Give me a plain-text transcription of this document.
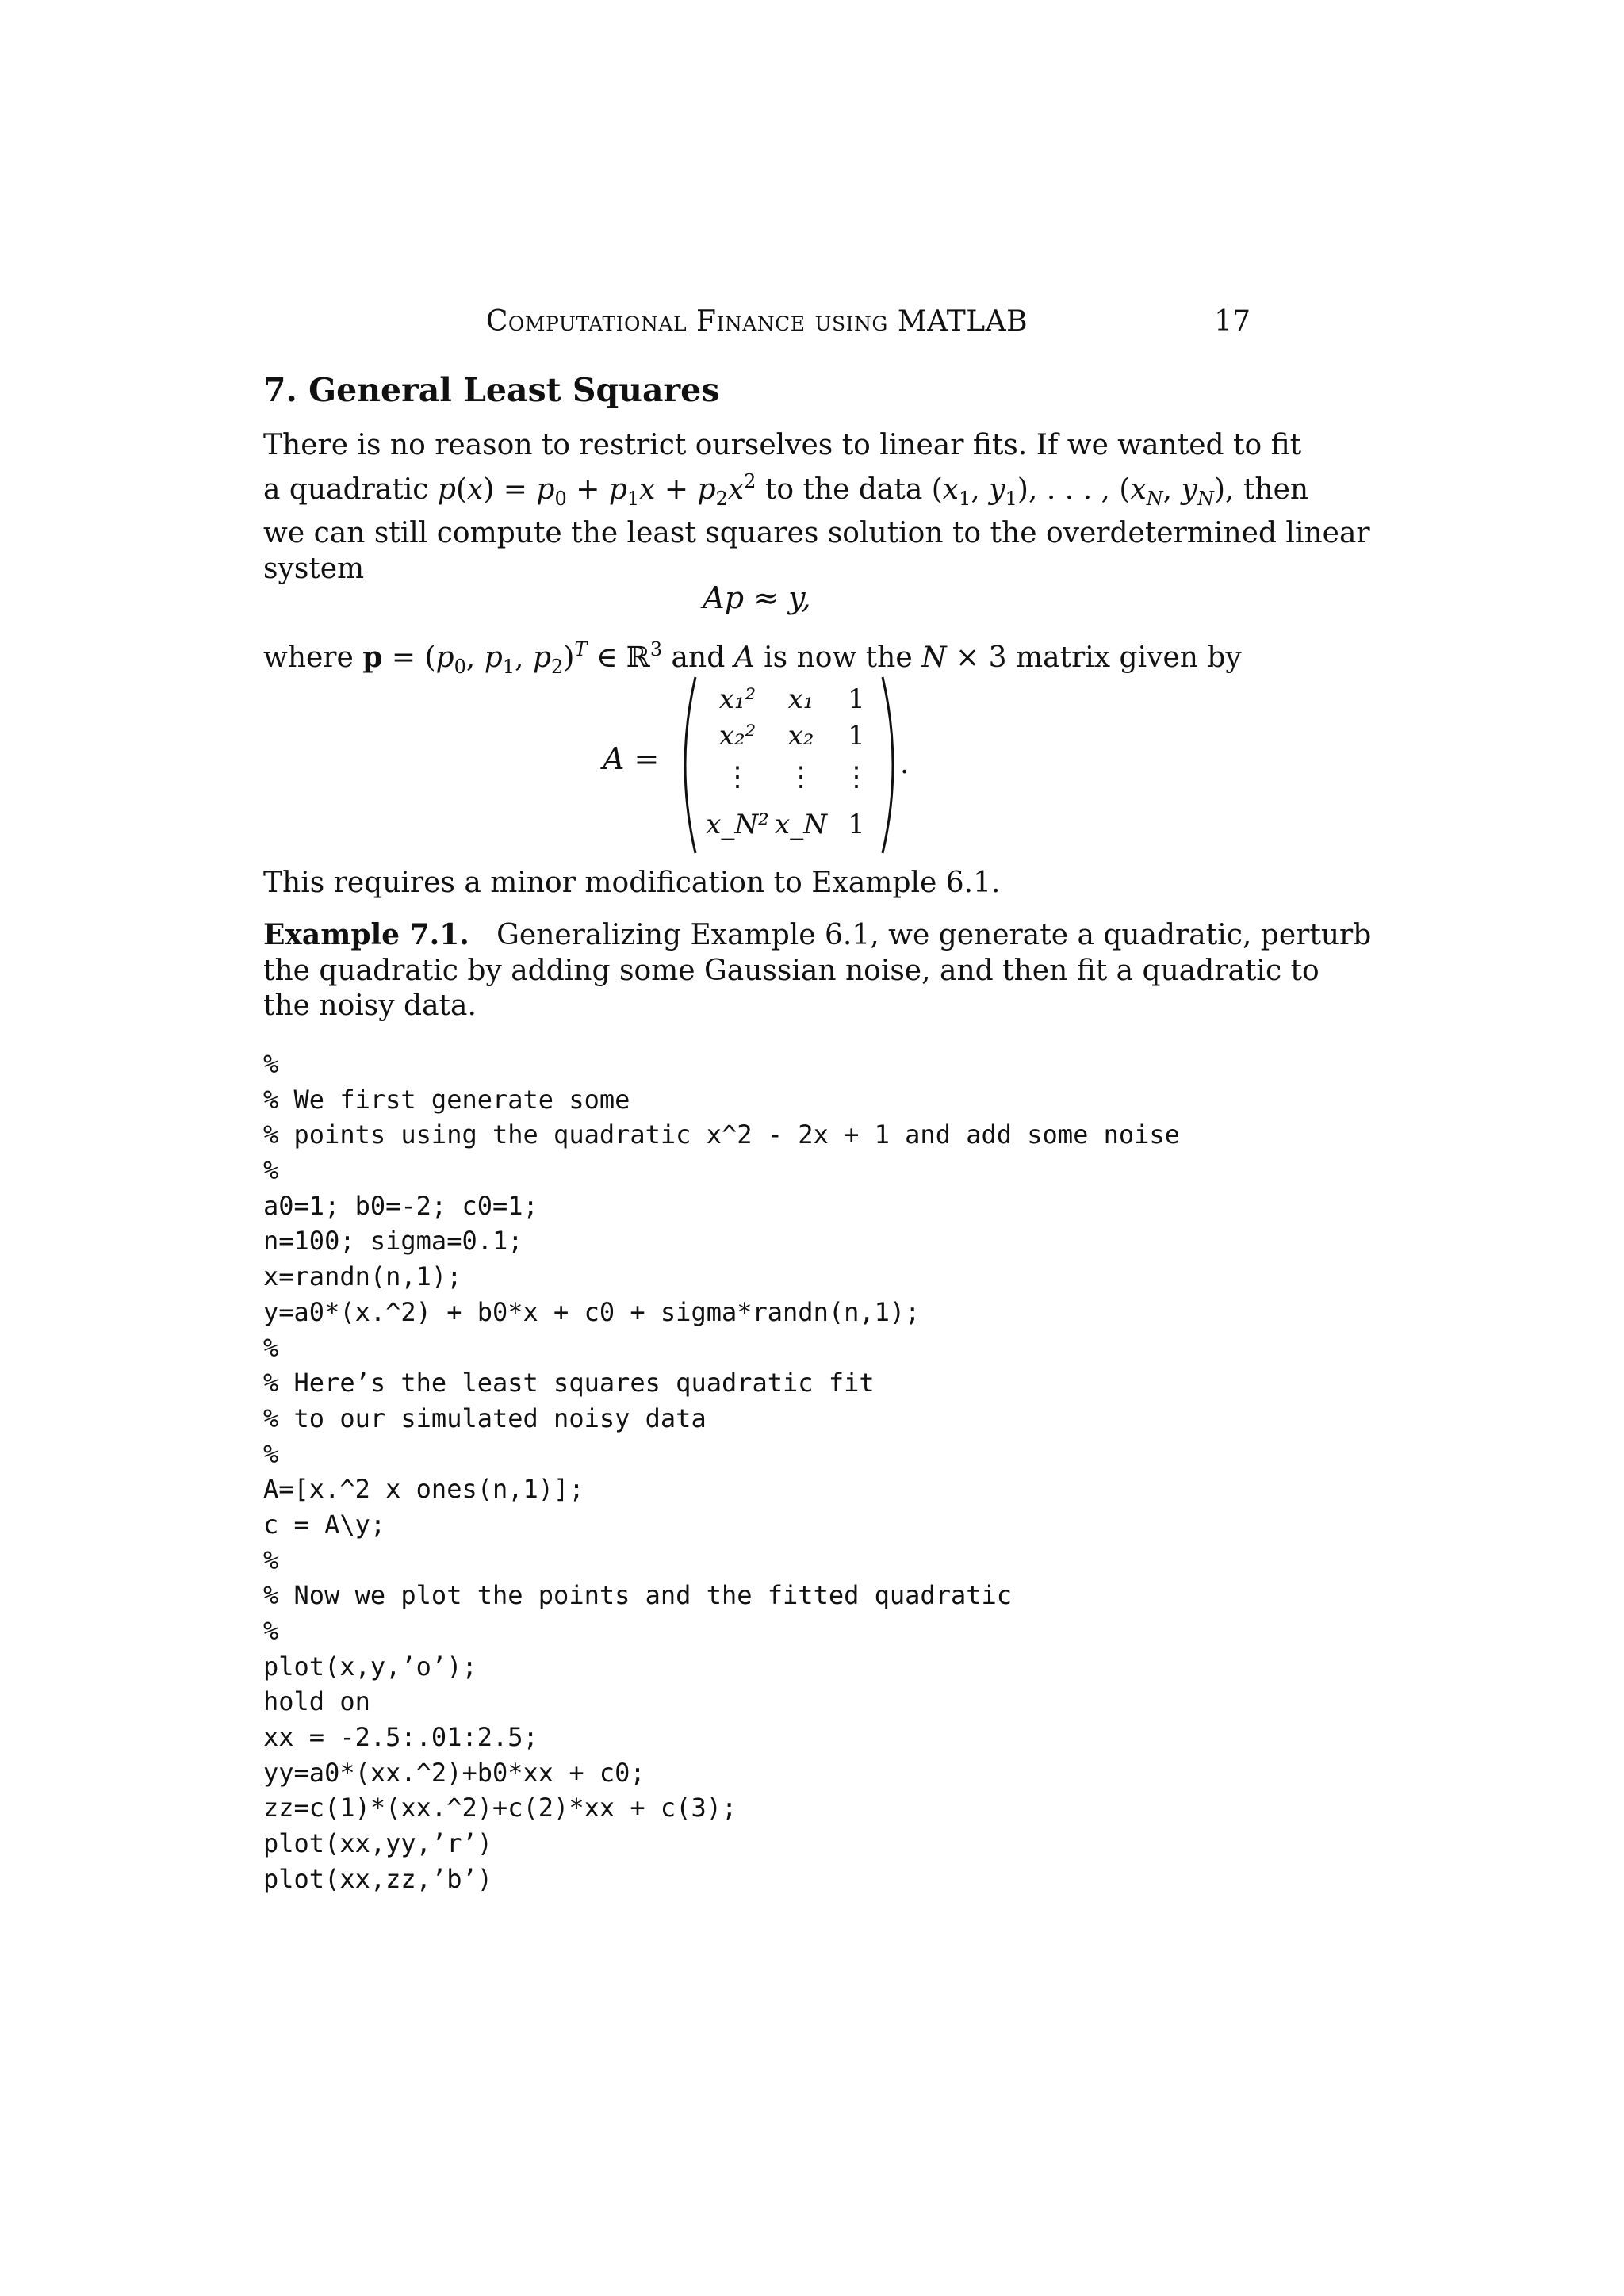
Computational Finance using MATLAB	17
7. General Least Squares
There is no reason to restrict ourselves to linear fits. If we wanted to fit
a quadratic $p(x) = p_0 + p_1x + p_2x^2$ to the data ($x_1$, $y_1$), . . . , ($x_N$, $y_N$), then
we can still compute the least squares solution to the overdetermined linear
system
Ap ≈ y,
where $p = (p_0$, $p_1$, $p_2)^T$ ∈ ℝ$^3$ and A is now the N × 3 matrix given by
A =
x₁²	x₁	1
x₂²	x₂	1
⋮	⋮	⋮
x_N² x_N 1
.
This requires a minor modification to Example 6.1.
Example 7.1. Generalizing Example 6.1, we generate a quadratic, perturb
the quadratic by adding some Gaussian noise, and then fit a quadratic to
the noisy data.
%
% We first generate some
% points using the quadratic x^2 - 2x + 1 and add some noise
%
a0=1; b0=-2; c0=1;
n=100; sigma=0.1;
x=randn(n,1);
y=a0*(x.^2) + b0*x + c0 + sigma*randn(n,1);
%
% Here’s the least squares quadratic fit
% to our simulated noisy data
%
A=[x.^2 x ones(n,1)];
c = A\y;
%
% Now we plot the points and the fitted quadratic
%
plot(x,y,’o’);
hold on
xx = -2.5:.01:2.5;
yy=a0*(xx.^2)+b0*xx + c0;
zz=c(1)*(xx.^2)+c(2)*xx + c(3);
plot(xx,yy,’r’)
plot(xx,zz,’b’)
